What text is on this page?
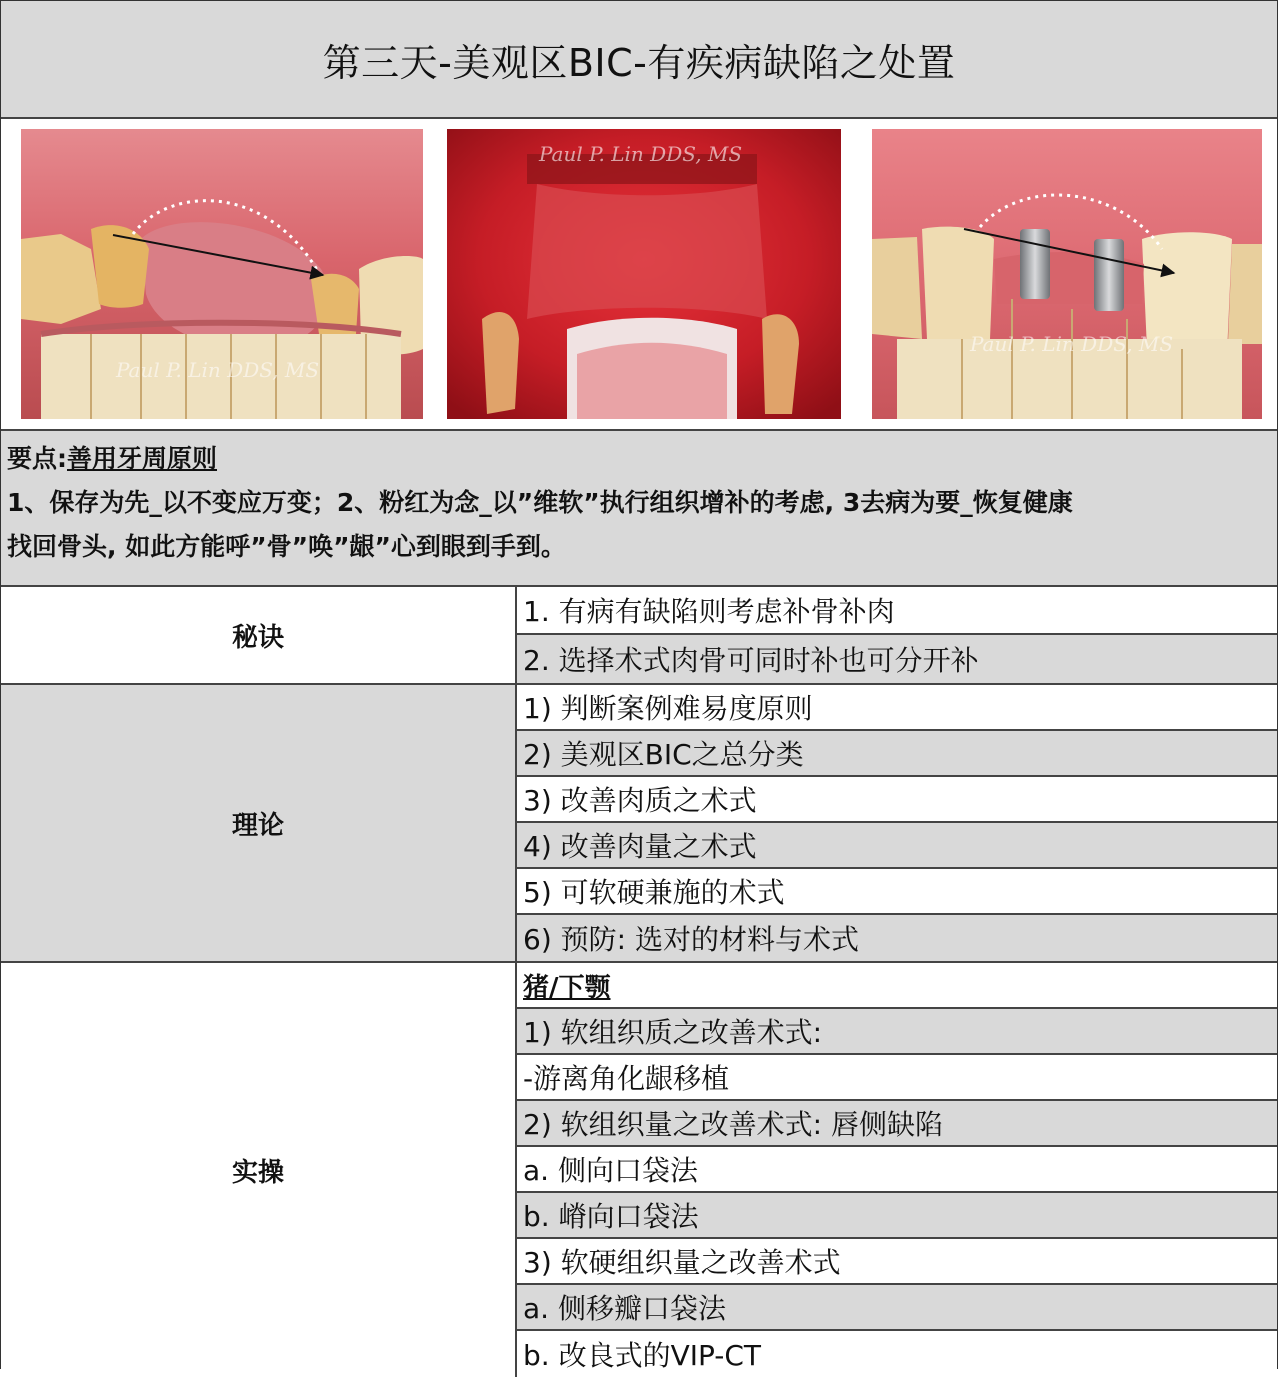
第三天-美观区BIC-有疾病缺陷之处置
Paul P. Lin DDS, MS
Paul P. Lin DDS, MS
Paul P. Lin DDS, MS
要点:善用牙周原则
1、保存为先_以不变应万变；2、粉红为念_以”维软”执行组织增补的考虑, 3去病为要_恢复健康
找回骨头, 如此方能呼”骨”唤”龈”心到眼到手到。
秘诀
1. 有病有缺陷则考虑补骨补肉
2. 选择术式肉骨可同时补也可分开补
理论
1) 判断案例难易度原则
2) 美观区BIC之总分类
3) 改善肉质之术式
4) 改善肉量之术式
5) 可软硬兼施的术式
6) 预防: 选对的材料与术式
实操
猪/下颚
1) 软组织质之改善术式:
-游离角化龈移植
2) 软组织量之改善术式: 唇侧缺陷
a. 侧向口袋法
b. 嵴向口袋法
3) 软硬组织量之改善术式
a. 侧移瓣口袋法
b. 改良式的VIP-CT
